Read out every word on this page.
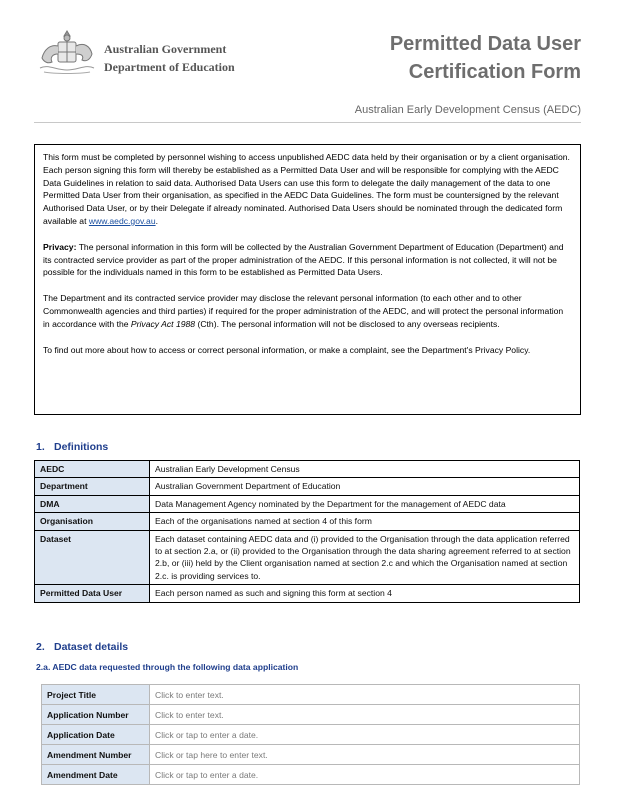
Australian Government
Department of Education
Permitted Data User
Certification Form
Australian Early Development Census (AEDC)

This form must be completed by personnel wishing to access unpublished AEDC data held by their organisation or by a client organisation. Each person signing this form will thereby be established as a Permitted Data User and will be responsible for complying with the AEDC Data Guidelines in relation to said data. Authorised Data Users can use this form to delegate the daily management of the data to one Permitted Data User from their organisation, as specified in the AEDC Data Guidelines. The form must be countersigned by the relevant Authorised Data User, or by their Delegate if already nominated. Authorised Data Users should be nominated through the dedicated form available at www.aedc.gov.au.

Privacy: The personal information in this form will be collected by the Australian Government Department of Education (Department) and its contracted service provider as part of the proper administration of the AEDC. If this personal information is not collected, it will not be possible for the individuals named in this form to be established as Permitted Data Users.

The Department and its contracted service provider may disclose the relevant personal information (to each other and to other Commonwealth agencies and third parties) if required for the proper administration of the AEDC, and will protect the personal information in accordance with the Privacy Act 1988 (Cth). The personal information will not be disclosed to any overseas recipients.

To find out more about how to access or correct personal information, or make a complaint, see the Department's Privacy Policy.

1. Definitions
AEDC	Australian Early Development Census
Department	Australian Government Department of Education
DMA	Data Management Agency nominated by the Department for the management of AEDC data
Organisation	Each of the organisations named at section 4 of this form
Dataset	Each dataset containing AEDC data and (i) provided to the Organisation through the data application referred to at section 2.a, or (ii) provided to the Organisation through the data sharing agreement referred to at section 2.b, or (iii) held by the Client organisation named at section 2.c and which the Organisation named at section 2.c. is providing services to.
Permitted Data User	Each person named as such and signing this form at section 4
2. Dataset details
2.a. AEDC data requested through the following data application
Project Title	Click to enter text.
Application Number	Click to enter text.
Application Date	Click or tap to enter a date.
Amendment Number	Click or tap here to enter text.
Amendment Date	Click or tap to enter a date.
